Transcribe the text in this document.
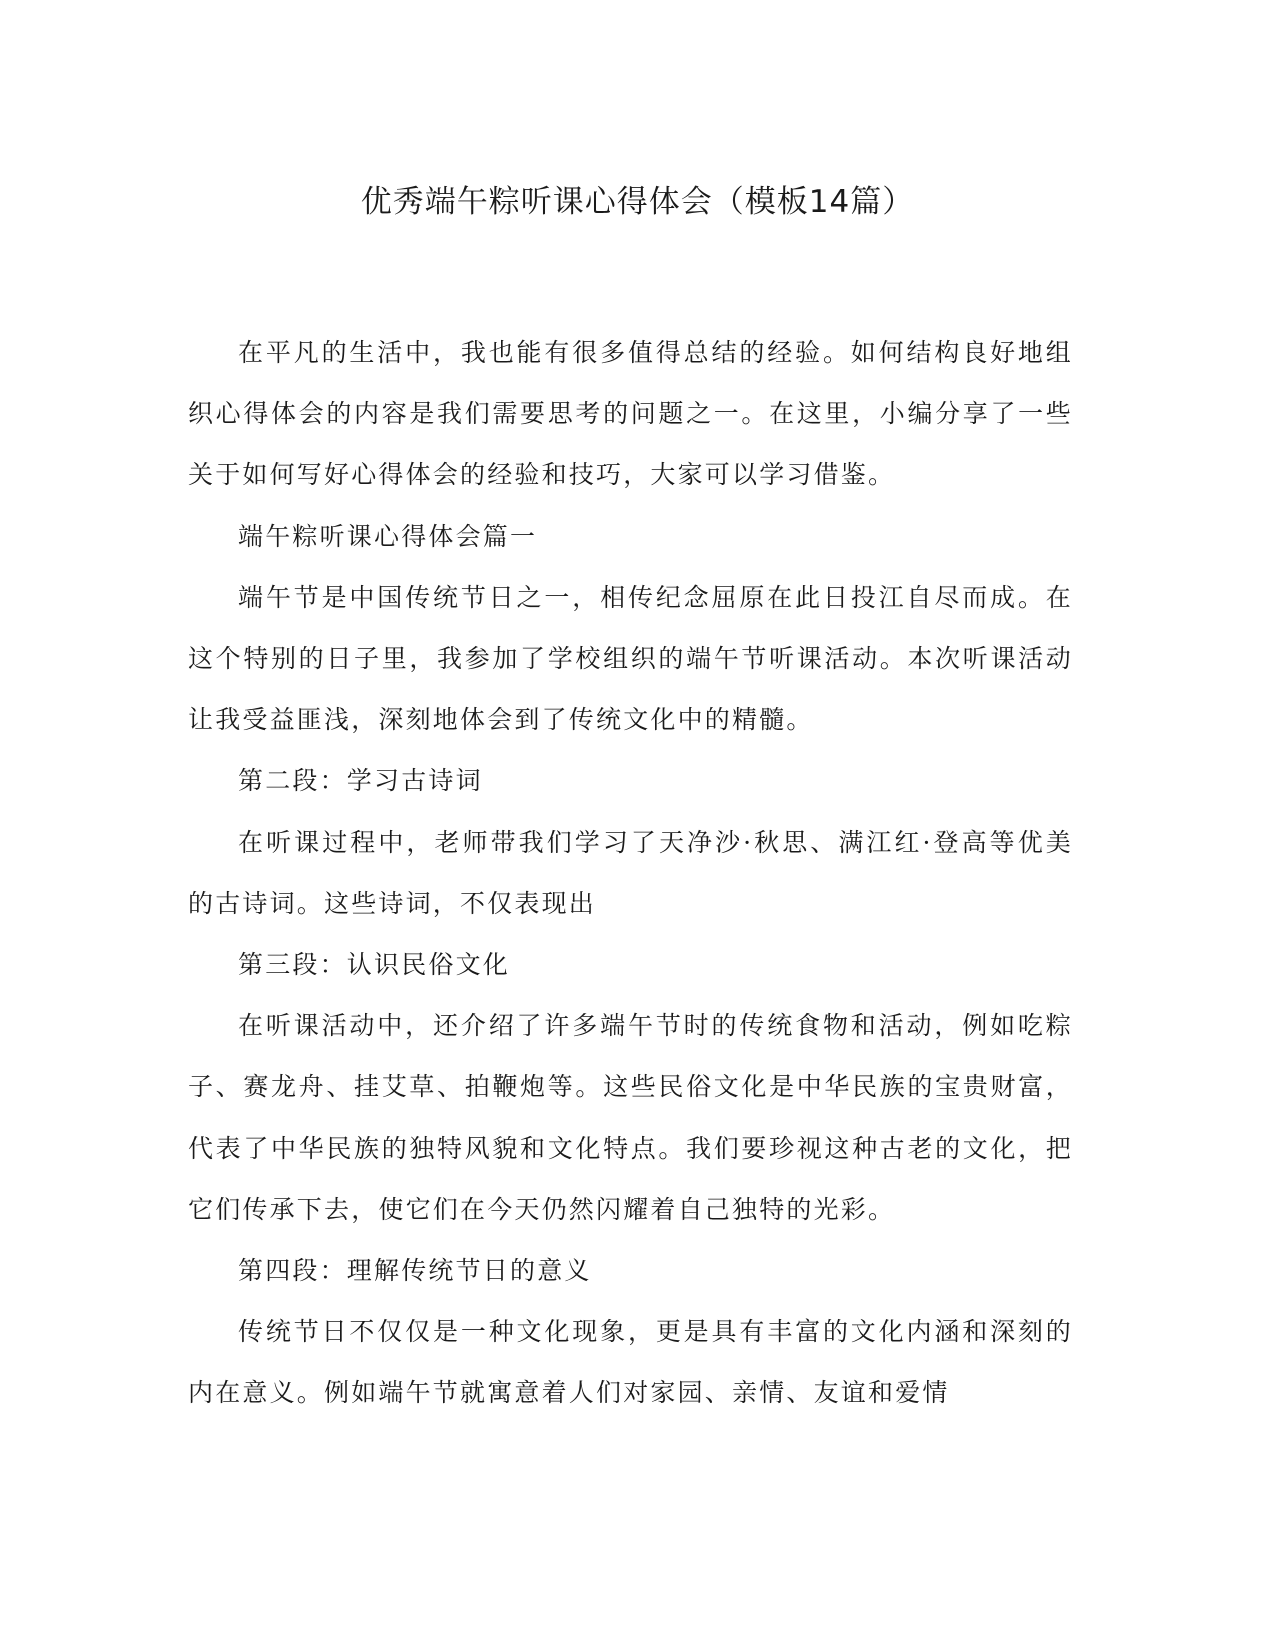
优秀端午粽听课心得体会（模板14篇）

在平凡的生活中，我也能有很多值得总结的经验。如何结构良好地组织心得体会的内容是我们需要思考的问题之一。在这里，小编分享了一些关于如何写好心得体会的经验和技巧，大家可以学习借鉴。

端午粽听课心得体会篇一

端午节是中国传统节日之一，相传纪念屈原在此日投江自尽而成。在这个特别的日子里，我参加了学校组织的端午节听课活动。本次听课活动让我受益匪浅，深刻地体会到了传统文化中的精髓。

第二段：学习古诗词

在听课过程中，老师带我们学习了天净沙·秋思、满江红·登高等优美的古诗词。这些诗词，不仅表现出

第三段：认识民俗文化

在听课活动中，还介绍了许多端午节时的传统食物和活动，例如吃粽子、赛龙舟、挂艾草、拍鞭炮等。这些民俗文化是中华民族的宝贵财富，代表了中华民族的独特风貌和文化特点。我们要珍视这种古老的文化，把它们传承下去，使它们在今天仍然闪耀着自己独特的光彩。

第四段：理解传统节日的意义

传统节日不仅仅是一种文化现象，更是具有丰富的文化内涵和深刻的内在意义。例如端午节就寓意着人们对家园、亲情、友谊和爱情
